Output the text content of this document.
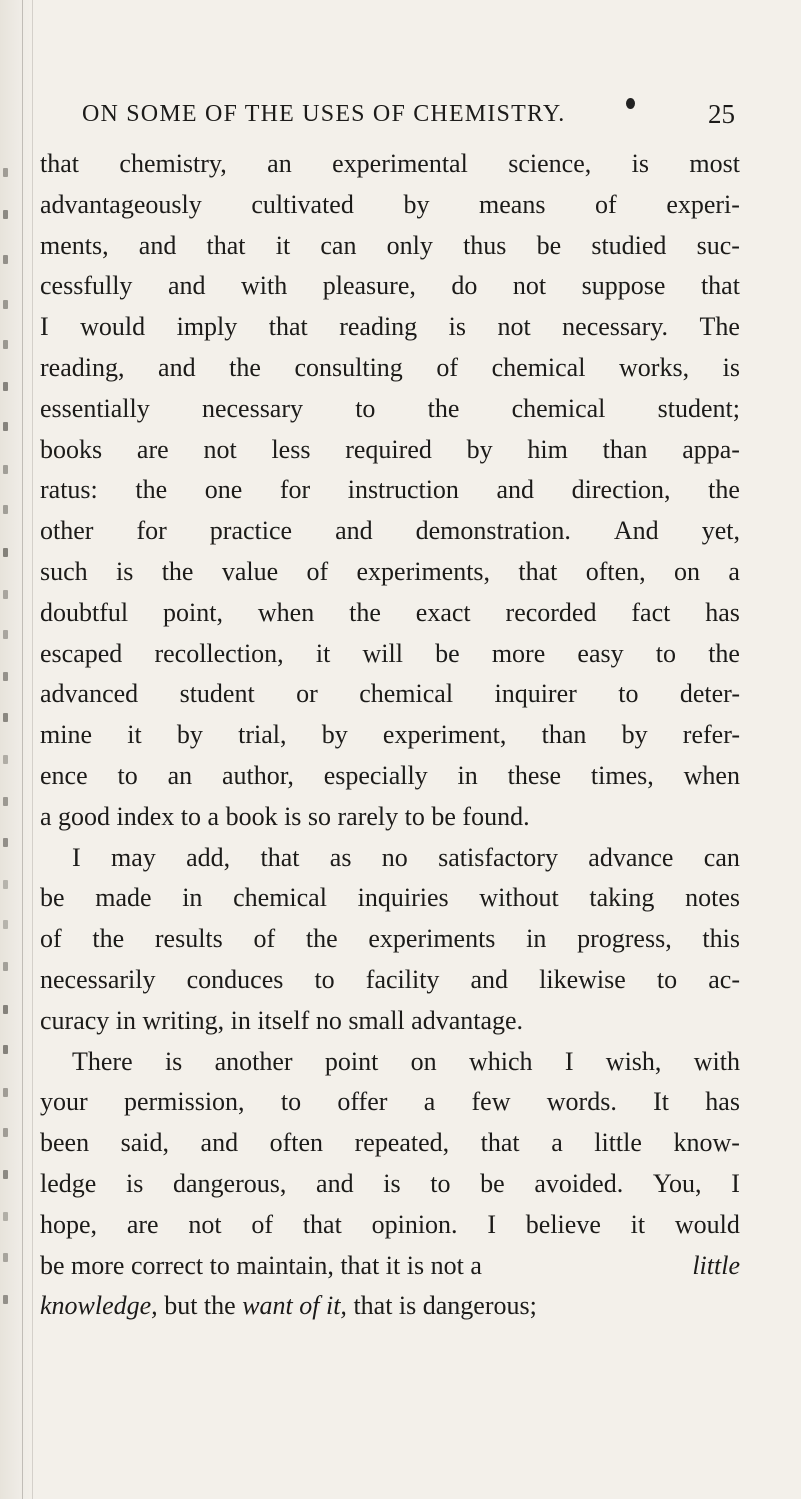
ON SOME OF THE USES OF CHEMISTRY.	25
that chemistry, an experimental science, is most
advantageously cultivated by means of experi-
ments, and that it can only thus be studied suc-
cessfully and with pleasure, do not suppose that
I would imply that reading is not necessary. The
reading, and the consulting of chemical works, is
essentially necessary to the chemical student;
books are not less required by him than appa-
ratus: the one for instruction and direction, the
other for practice and demonstration. And yet,
such is the value of experiments, that often, on a
doubtful point, when the exact recorded fact has
escaped recollection, it will be more easy to the
advanced student or chemical inquirer to deter-
mine it by trial, by experiment, than by refer-
ence to an author, especially in these times, when
a good index to a book is so rarely to be found.
I may add, that as no satisfactory advance can
be made in chemical inquiries without taking notes
of the results of the experiments in progress, this
necessarily conduces to facility and likewise to ac-
curacy in writing, in itself no small advantage.
There is another point on which I wish, with
your permission, to offer a few words. It has
been said, and often repeated, that a little know-
ledge is dangerous, and is to be avoided. You, I
hope, are not of that opinion. I believe it would
be more correct to maintain, that it is not a	little
knowledge, but the want of it, that is dangerous;
